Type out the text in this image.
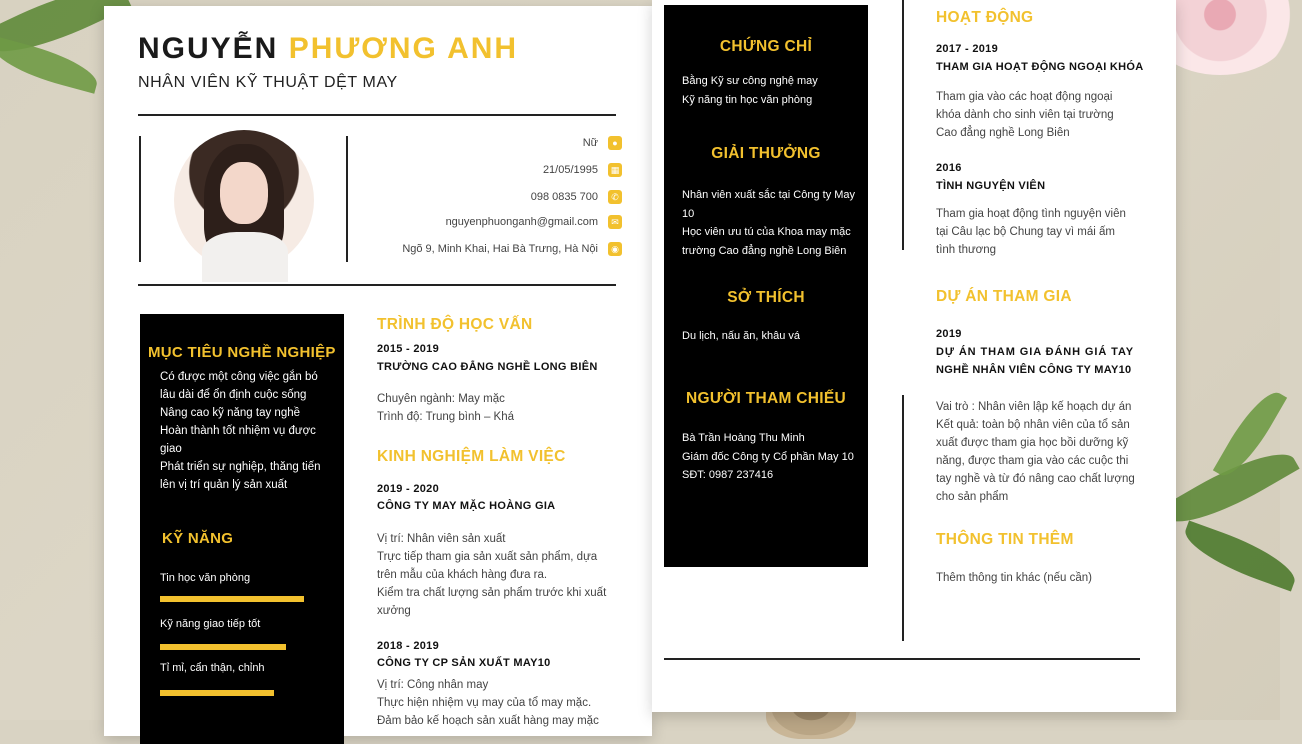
NGUYỄN PHƯƠNG ANH
NHÂN VIÊN KỸ THUẬT DỆT MAY
Nữ	●
21/05/1995	▦
098 0835 700	✆
nguyenphuonganh@gmail.com	✉
Ngõ 9, Minh Khai, Hai Bà Trưng, Hà Nội	◉
MỤC TIÊU NGHỀ NGHIỆP
Có được một công việc gắn bó
lâu dài để ổn định cuộc sống
Nâng cao kỹ năng tay nghề
Hoàn thành tốt nhiệm vụ được
giao
Phát triển sự nghiệp, thăng tiến
lên vị trí quản lý sản xuất
KỸ NĂNG
Tin học văn phòng
Kỹ năng giao tiếp tốt
Tỉ mỉ, cẩn thận, chỉnh
TRÌNH ĐỘ HỌC VẤN
2015 - 2019
TRƯỜNG CAO ĐẲNG NGHỀ LONG BIÊN
Chuyên ngành: May mặc
Trình độ: Trung bình – Khá
KINH NGHIỆM LÀM VIỆC
2019 - 2020
CÔNG TY MAY MẶC HOÀNG GIA
Vị trí: Nhân viên sản xuất
Trực tiếp tham gia sản xuất sản phẩm, dựa
trên mẫu của khách hàng đưa ra.
Kiểm tra chất lượng sản phẩm trước khi xuất
xưởng
2018 - 2019
CÔNG TY CP SẢN XUẤT MAY10
Vị trí: Công nhân may
Thực hiện nhiệm vụ may của tổ may mặc.
Đảm bảo kế hoạch sản xuất hàng may mặc
CHỨNG CHỈ
Bằng Kỹ sư công nghệ may
Kỹ năng tin học văn phòng
GIẢI THƯỞNG
Nhân viên xuất sắc tại Công ty May
10
Học viên ưu tú của Khoa may mặc
trường Cao đẳng nghề Long Biên
SỞ THÍCH
Du lịch, nấu ăn, khâu vá
NGƯỜI THAM CHIẾU
Bà Trần Hoàng Thu Minh
Giám đốc Công ty Cổ phần May 10
SĐT: 0987 237416
HOẠT ĐỘNG
2017 - 2019
THAM GIA HOẠT ĐỘNG NGOẠI KHÓA
Tham gia vào các hoạt động ngoại
khóa dành cho sinh viên tại trường
Cao đẳng nghề Long Biên
2016
TÌNH NGUYỆN VIÊN
Tham gia hoạt động tình nguyện viên
tại Câu lạc bộ Chung tay vì mái ấm
tình thương
DỰ ÁN THAM GIA
2019
DỰ ÁN THAM GIA ĐÁNH GIÁ TAY
NGHỀ NHÂN VIÊN CÔNG TY MAY10
Vai trò : Nhân viên lập kế hoạch dự án
Kết quả: toàn bộ nhân viên của tổ sản
xuất được tham gia học bồi dưỡng kỹ
năng, được tham gia vào các cuộc thi
tay nghề và từ đó nâng cao chất lượng
cho sản phẩm
THÔNG TIN THÊM
Thêm thông tin khác (nếu cần)
